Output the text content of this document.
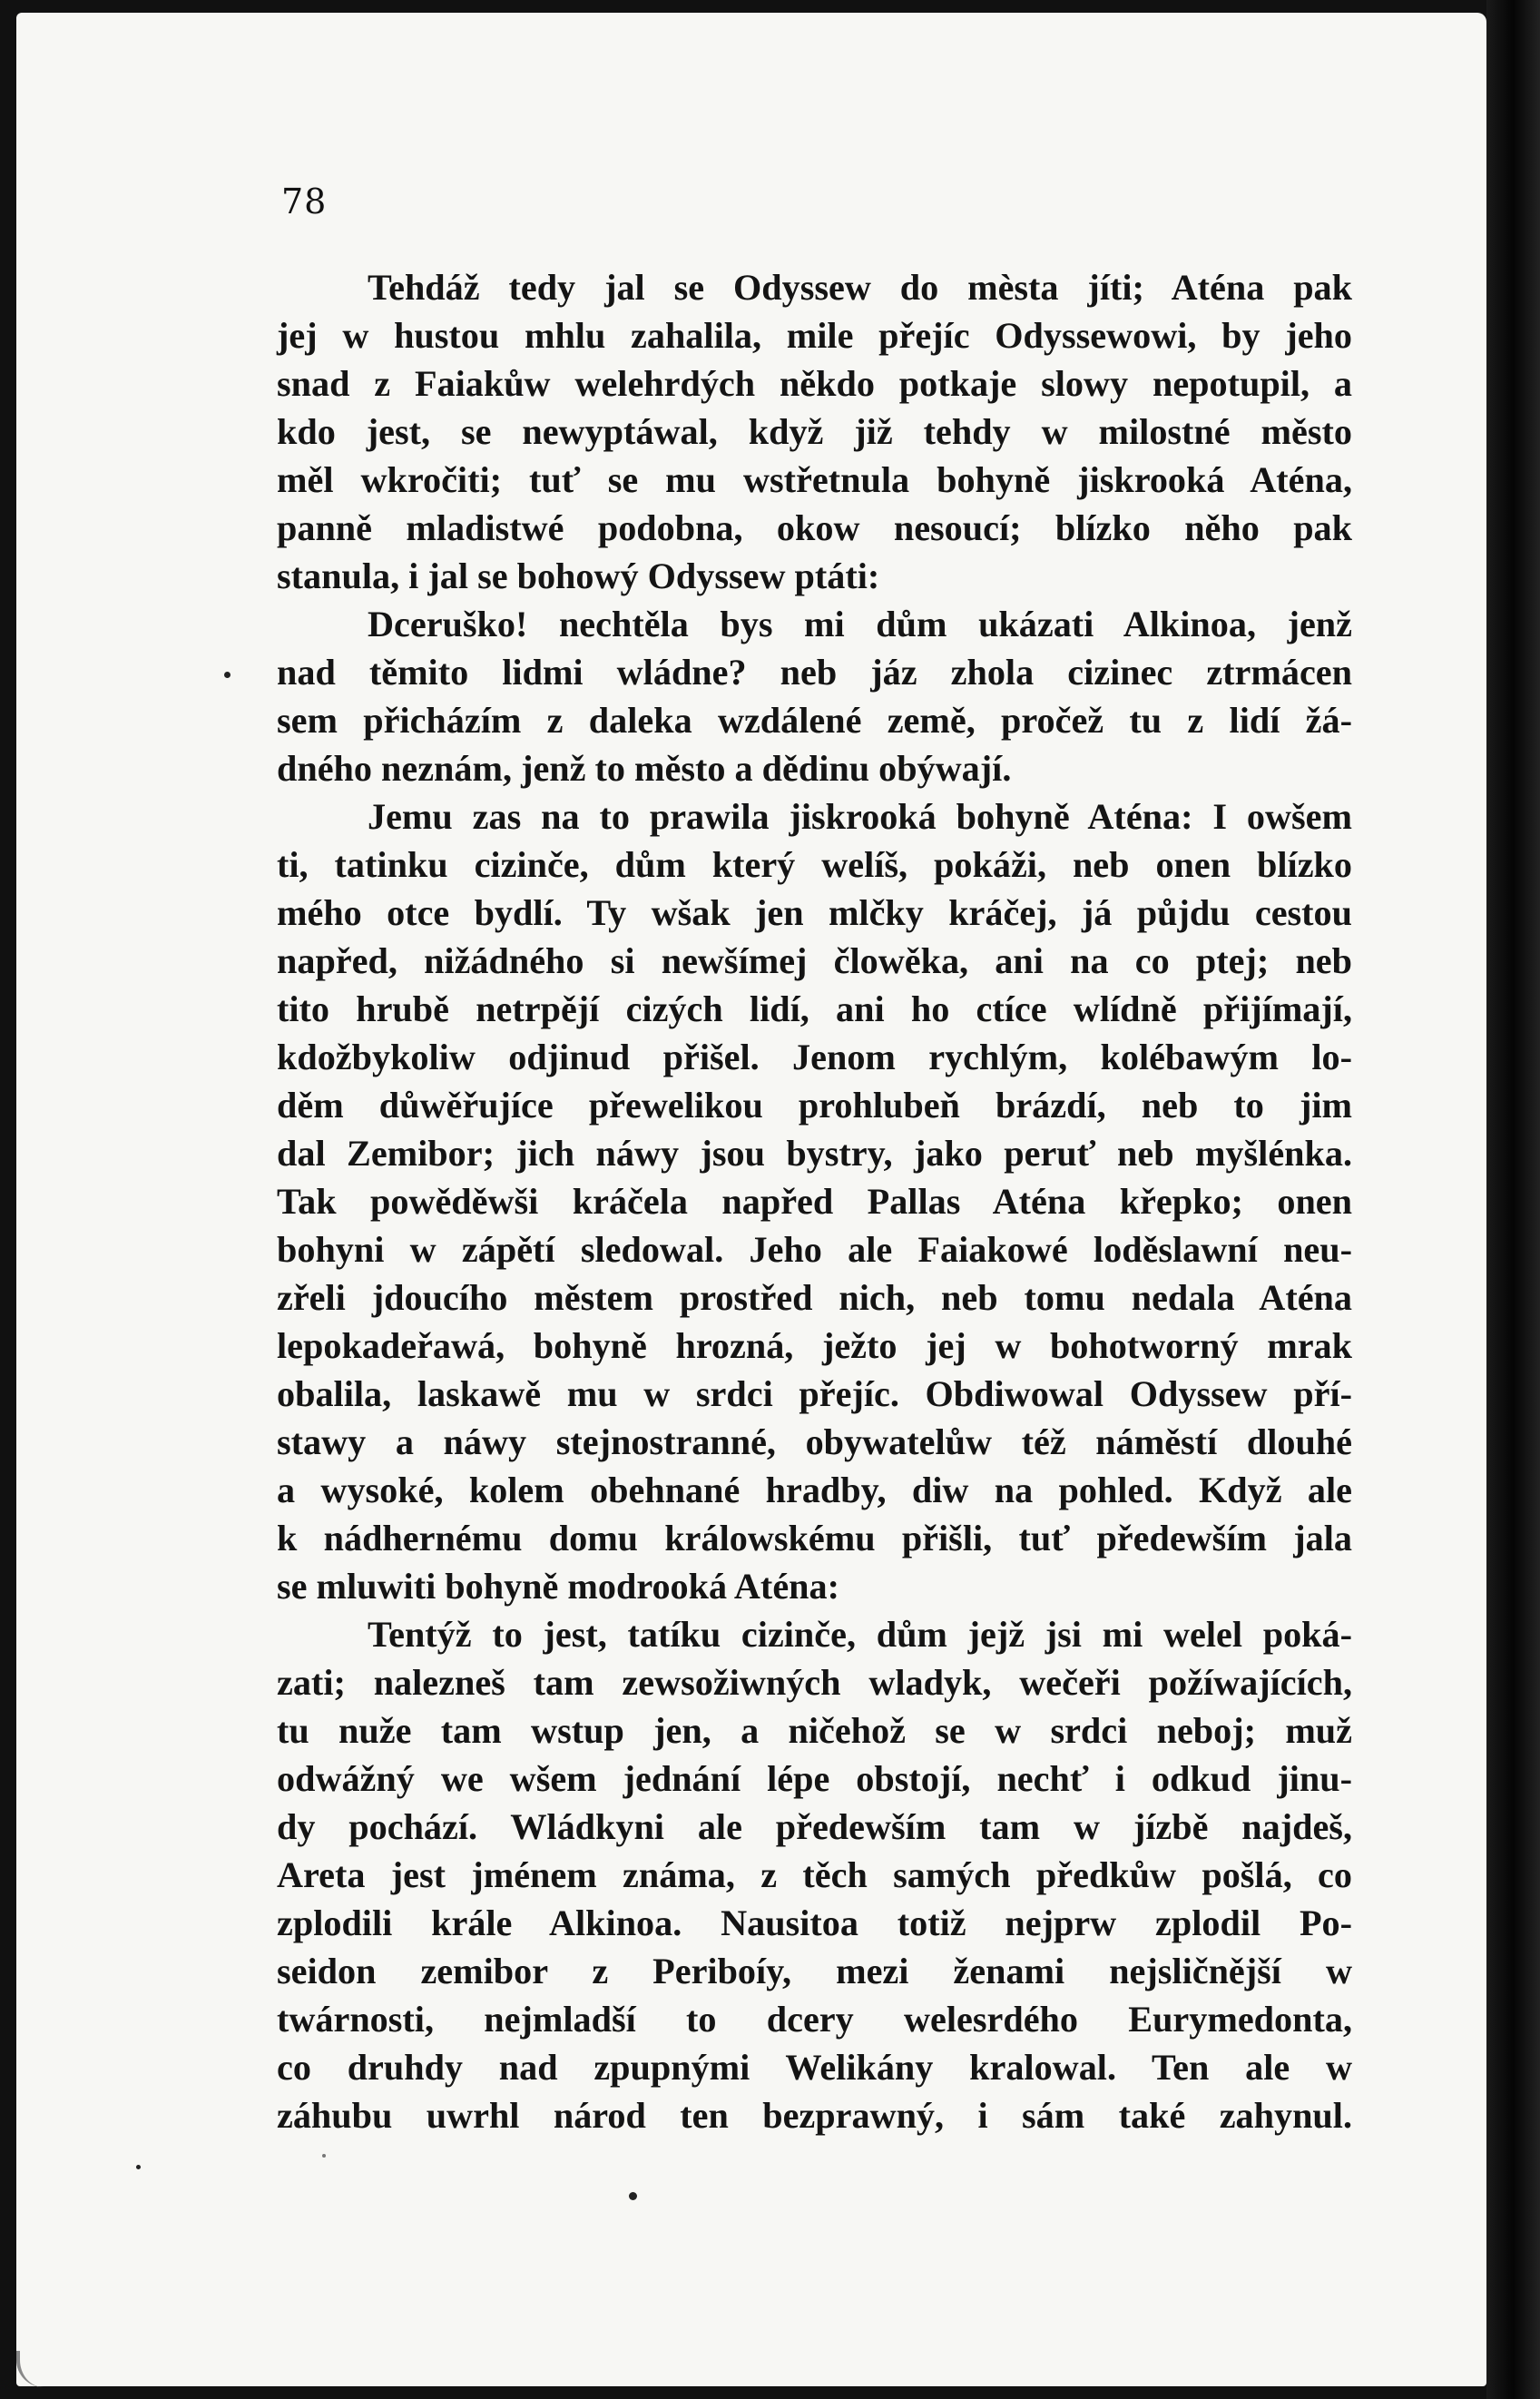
78
Tehdáž tedy jal se Odyssew do mèsta jíti; Aténa pak
jej w hustou mhlu zahalila, mile přejíc Odyssewowi, by jeho
snad z Faiakůw welehrdých někdo potkaje slowy nepotupil, a
kdo jest, se newyptáwal, když již tehdy w milostné město
měl wkročiti; tuť se mu wstřetnula bohyně jiskrooká Aténa,
panně mladistwé podobna, okow nesoucí; blízko něho pak
stanula, i jal se bohowý Odyssew ptáti:
Dceruško! nechtěla bys mi dům ukázati Alkinoa, jenž
nad těmito lidmi wládne? neb jáz zhola cizinec ztrmácen
sem přicházím z daleka wzdálené země, pročež tu z lidí žá-
dného neznám, jenž to město a dědinu obýwají.
Jemu zas na to prawila jiskrooká bohyně Aténa: I owšem
ti, tatinku cizinče, dům který welíš, pokáži, neb onen blízko
mého otce bydlí. Ty wšak jen mlčky kráčej, já půjdu cestou
napřed, nižádného si newšímej člowěka, ani na co ptej; neb
tito hrubě netrpějí cizých lidí, ani ho ctíce wlídně přijímají,
kdožbykoliw odjinud přišel. Jenom rychlým, kolébawým lo-
děm důwěřujíce přewelikou prohlubeň brázdí, neb to jim
dal Zemibor; jich náwy jsou bystry, jako peruť neb myšlénka.
Tak powěděwši kráčela napřed Pallas Aténa křepko; onen
bohyni w zápětí sledowal. Jeho ale Faiakowé loděslawní neu-
zřeli jdoucího městem prostřed nich, neb tomu nedala Aténa
lepokadeřawá, bohyně hrozná, ježto jej w bohotworný mrak
obalila, laskawě mu w srdci přejíc. Obdiwowal Odyssew pří-
stawy a náwy stejnostranné, obywatelůw též náměstí dlouhé
a wysoké, kolem obehnané hradby, diw na pohled. Když ale
k nádhernému domu králowskému přišli, tuť předewším jala
se mluwiti bohyně modrooká Aténa:
Tentýž to jest, tatíku cizinče, dům jejž jsi mi welel poká-
zati; nalezneš tam zewsožiwných wladyk, wečeři požíwajících,
tu nuže tam wstup jen, a ničehož se w srdci neboj; muž
odwážný we wšem jednání lépe obstojí, nechť i odkud jinu-
dy pochází. Wládkyni ale předewším tam w jízbě najdeš,
Areta jest jménem známa, z těch samých předkůw pošlá, co
zplodili krále Alkinoa. Nausitoa totiž nejprw zplodil Po-
seidon zemibor z Periboíy, mezi ženami nejsličnější w
twárnosti, nejmladší to dcery welesrdého Eurymedonta,
co druhdy nad zpupnými Welikány kralowal. Ten ale w
záhubu uwrhl národ ten bezprawný, i sám také zahynul.
